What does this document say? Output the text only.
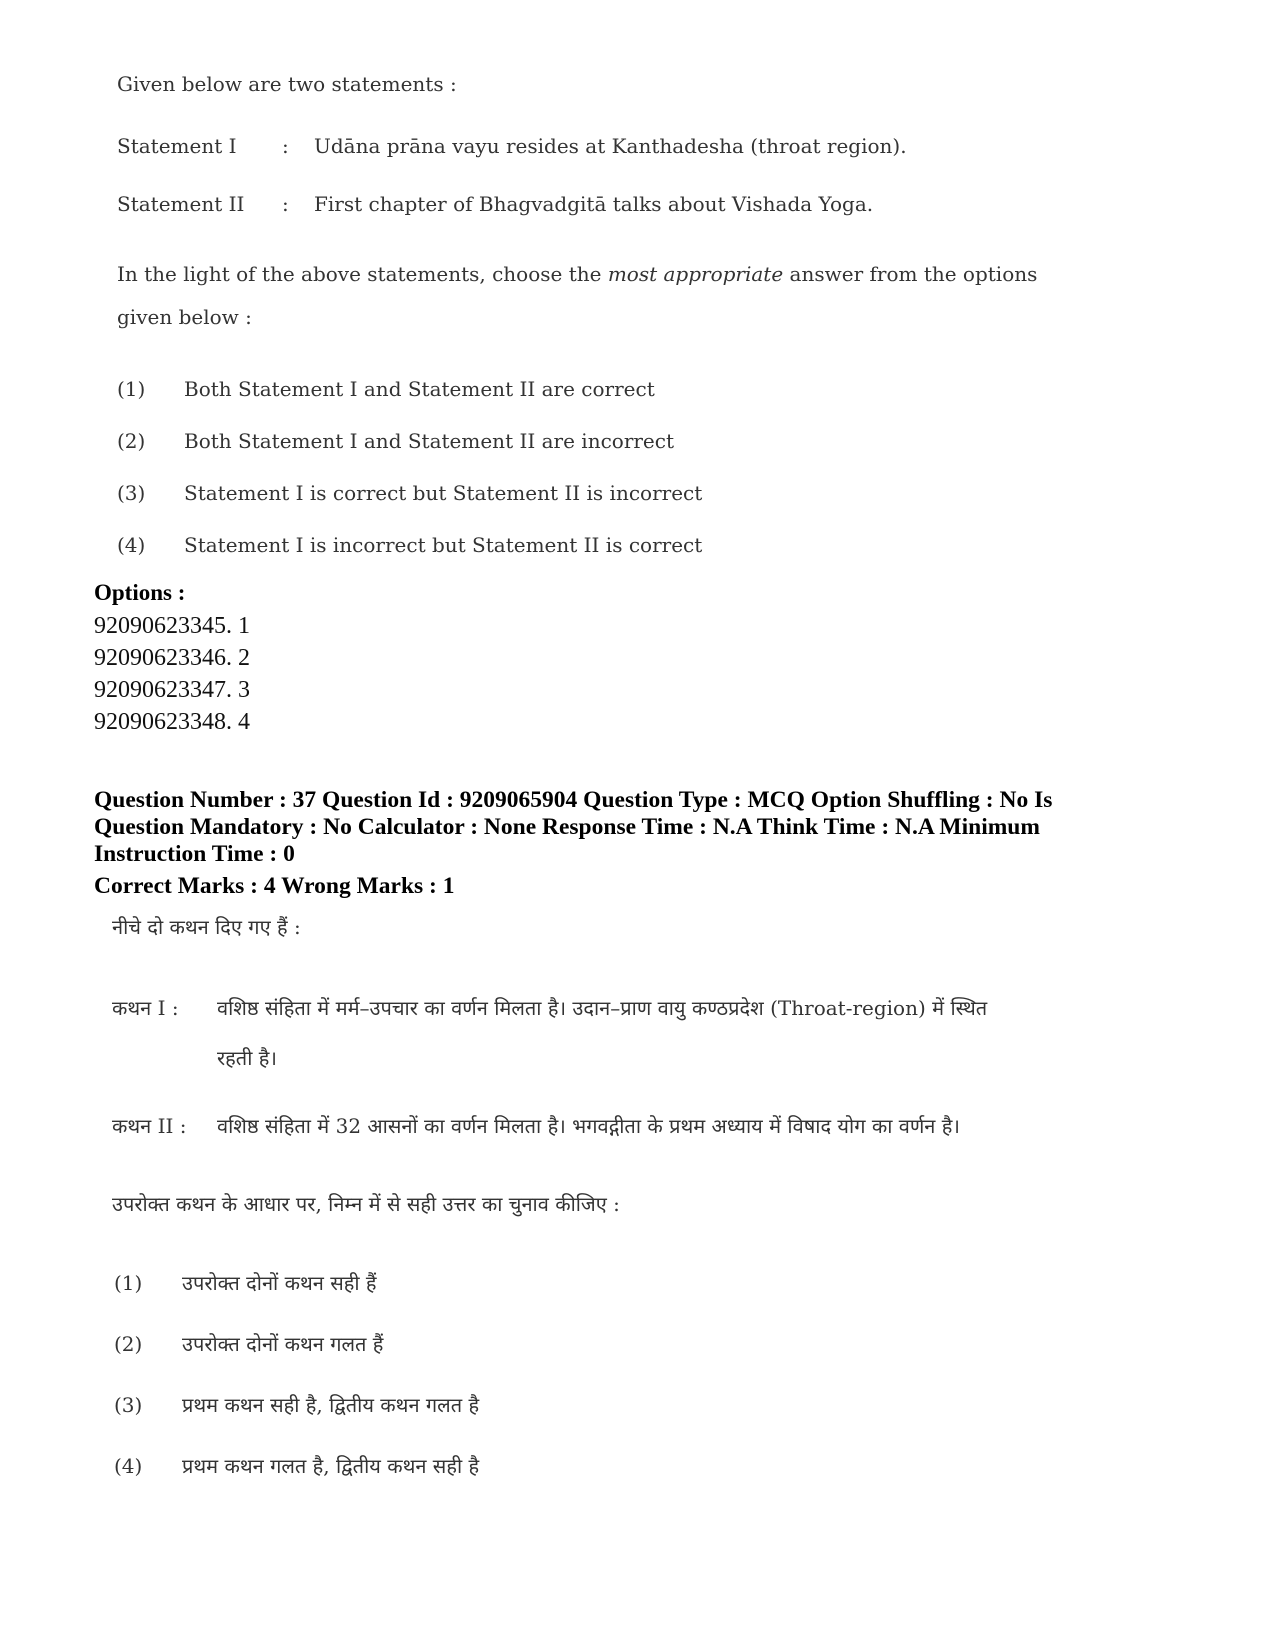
Given below are two statements :
Statement I : Udāna prāna vayu resides at Kanthadesha (throat region).
Statement II : First chapter of Bhagvadgitā talks about Vishada Yoga.
In the light of the above statements, choose the most appropriate answer from the options
given below :
(1) Both Statement I and Statement II are correct
(2) Both Statement I and Statement II are incorrect
(3) Statement I is correct but Statement II is incorrect
(4) Statement I is incorrect but Statement II is correct
Options :
92090623345. 1
92090623346. 2
92090623347. 3
92090623348. 4
Question Number : 37 Question Id : 9209065904 Question Type : MCQ Option Shuffling : No Is
Question Mandatory : No Calculator : None Response Time : N.A Think Time : N.A Minimum
Instruction Time : 0
Correct Marks : 4 Wrong Marks : 1
नीचे दो कथन दिए गए हैं :
कथन I : वशिष्ठ संहिता में मर्म–उपचार का वर्णन मिलता है। उदान–प्राण वायु कण्ठप्रदेश (Throat-region) में स्थित
रहती है।
कथन II : वशिष्ठ संहिता में 32 आसनों का वर्णन मिलता है। भगवद्गीता के प्रथम अध्याय में विषाद योग का वर्णन है।
उपरोक्त कथन के आधार पर, निम्न में से सही उत्तर का चुनाव कीजिए :
(1) उपरोक्त दोनों कथन सही हैं
(2) उपरोक्त दोनों कथन गलत हैं
(3) प्रथम कथन सही है, द्वितीय कथन गलत है
(4) प्रथम कथन गलत है, द्वितीय कथन सही है
